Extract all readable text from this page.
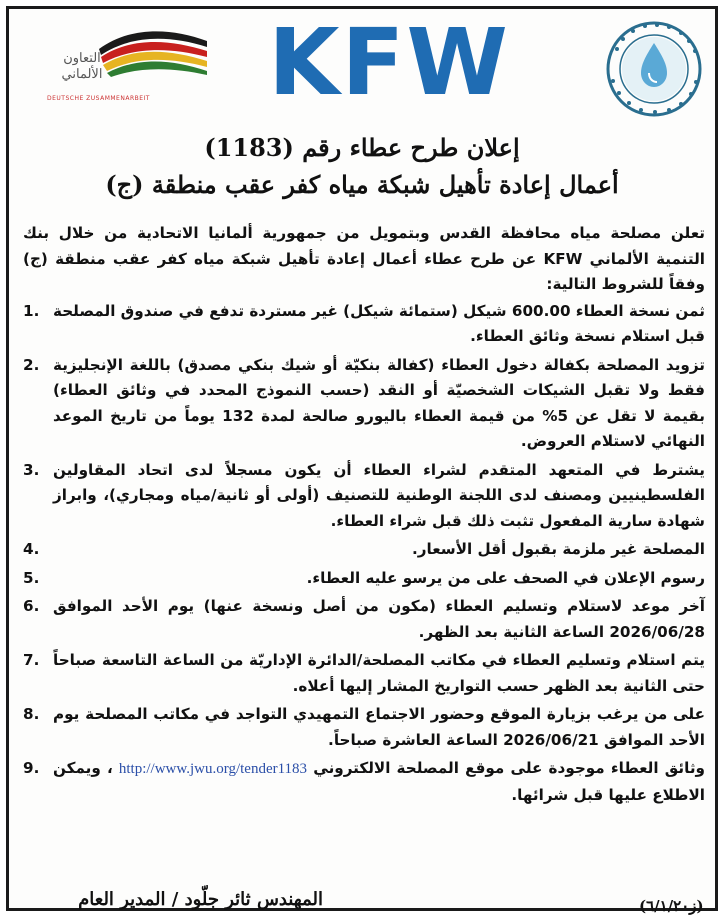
التعاون
الألماني
DEUTSCHE ZUSAMMENARBEIT KFW

إعلان طرح عطاء رقم (1183)

أعمال إعادة تأهيل شبكة مياه كفر عقب منطقة (ج)

تعلن مصلحة مياه محافظة القدس وبتمويل من جمهورية ألمانيا الاتحادية من خلال بنك التنمية الألماني KFW عن طرح عطاء أعمال إعادة تأهيل شبكة مياه كفر عقب منطقة (ج) وفقاً للشروط التالية:

1. ثمن نسخة العطاء 600.00 شيكل (ستمائة شيكل) غير مستردة تدفع في صندوق المصلحة قبل استلام نسخة وثائق العطاء.
2. تزويد المصلحة بكفالة دخول العطاء (كفالة بنكيّة أو شيك بنكي مصدق) باللغة الإنجليزية فقط ولا تقبل الشيكات الشخصيّة أو النقد (حسب النموذج المحدد في وثائق العطاء) بقيمة لا تقل عن 5% من قيمة العطاء باليورو صالحة لمدة 132 يوماً من تاريخ الموعد النهائي لاستلام العروض.
3. يشترط في المتعهد المتقدم لشراء العطاء أن يكون مسجلاً لدى اتحاد المقاولين الفلسطينيين ومصنف لدى اللجنة الوطنية للتصنيف (أولى أو ثانية/مياه ومجاري)، وابراز شهادة سارية المفعول تثبت ذلك قبل شراء العطاء.
4.	المصلحة غير ملزمة بقبول أقل الأسعار.
5.	رسوم الإعلان في الصحف على من يرسو عليه العطاء.
6. آخر موعد لاستلام وتسليم العطاء (مكون من أصل ونسخة عنها) يوم الأحد الموافق 2026/06/28 الساعة الثانية بعد الظهر.
7. يتم استلام وتسليم العطاء في مكاتب المصلحة/الدائرة الإداريّة من الساعة التاسعة صباحاً حتى الثانية بعد الظهر حسب التواريخ المشار إليها أعلاه.
8. على من يرغب بزيارة الموقع وحضور الاجتماع التمهيدي التواجد في مكاتب المصلحة يوم الأحد الموافق 2026/06/21 الساعة العاشرة صباحاً.
9.	وثائق العطاء موجودة على موقع المصلحة الالكتروني http://www.jwu.org/tender1183 ، ويمكن الاطلاع عليها قبل شرائها.
المهندس ثائر جلّود / المدير العام	(ز٦/١/٢٠)
